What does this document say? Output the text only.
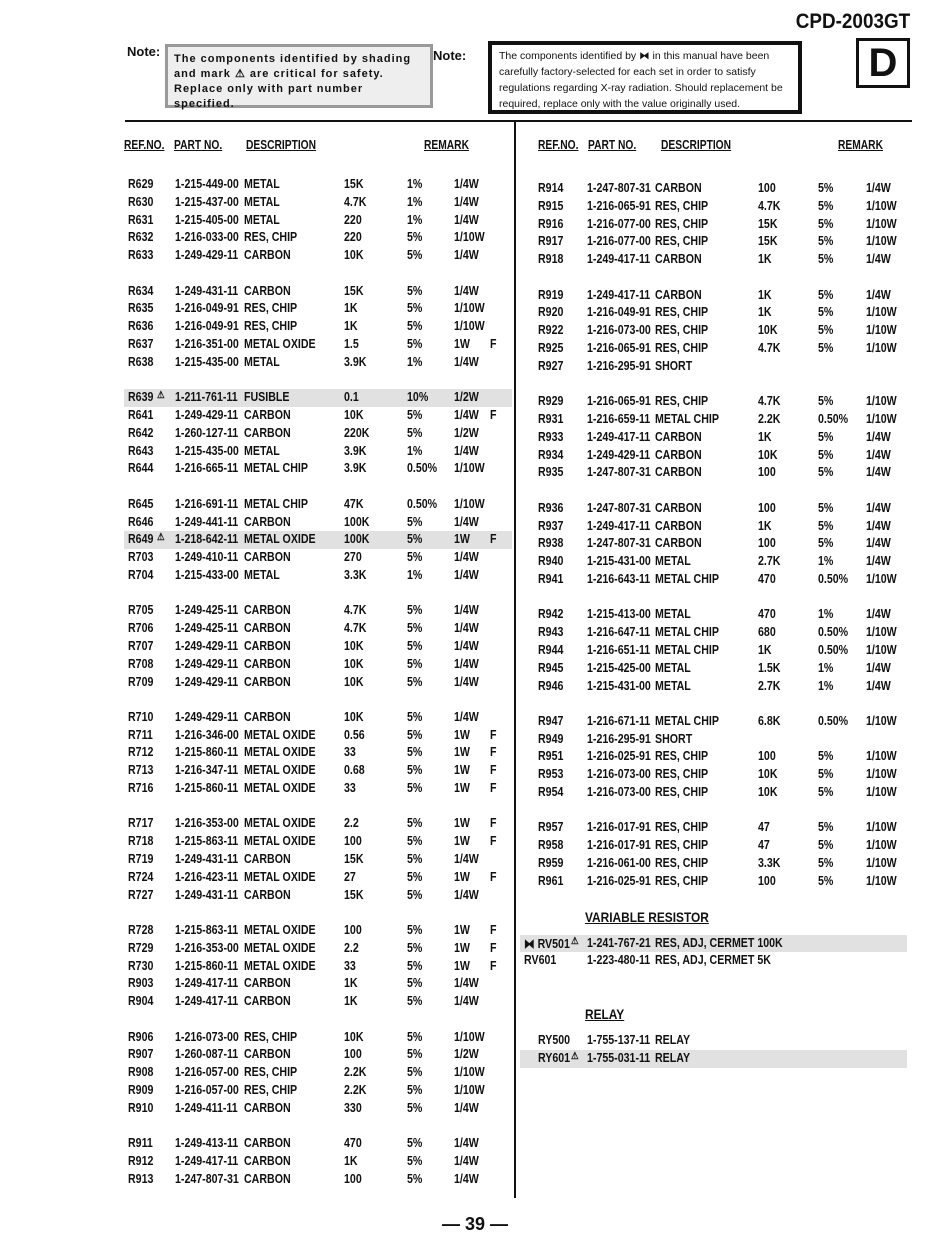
CPD-2003GT
D
Note:	The components identified by shading and mark ⚠ are critical for safety. Replace only with part number specified.
Note:	The components identified by ⧓ in this manual have been carefully factory-selected for each set in order to satisfy regulations regarding X-ray radiation. Should replacement be required, replace only with the value originally used.
REF.NO. PART NO. DESCRIPTION	REMARK
R629 1-215-449-00 METAL	15K	1%	1/4W
R630 1-215-437-00 METAL	4.7K	1%	1/4W
R631 1-215-405-00 METAL	220	1%	1/4W
R632 1-216-033-00 RES, CHIP	220	5%	1/10W
R633 1-249-429-11 CARBON	10K	5%	1/4W
R634 1-249-431-11 CARBON	15K	5%	1/4W
R635 1-216-049-91 RES, CHIP	1K	5%	1/10W
R636 1-216-049-91 RES, CHIP	1K	5%	1/10W
R637 1-216-351-00 METAL OXIDE 1.5	5%	1W F
R638 1-215-435-00 METAL	3.9K	1%	1/4W
R639 ⚠ 1-211-761-11 FUSIBLE	0.1	10% 1/2W
R641 1-249-429-11 CARBON	10K	5%	1/4W F
R642 1-260-127-11 CARBON	220K	5%	1/2W
R643 1-215-435-00 METAL	3.9K	1%	1/4W
R644 1-216-665-11 METAL CHIP	3.9K	0.50% 1/10W
R645 1-216-691-11 METAL CHIP	47K	0.50% 1/10W
R646 1-249-441-11 CARBON	100K	5%	1/4W
R649 ⚠ 1-218-642-11 METAL OXIDE 100K	5%	1W F
R703 1-249-410-11 CARBON	270	5%	1/4W
R704 1-215-433-00 METAL	3.3K	1%	1/4W
R705 1-249-425-11 CARBON	4.7K	5%	1/4W
R706 1-249-425-11 CARBON	4.7K	5%	1/4W
R707 1-249-429-11 CARBON	10K	5%	1/4W
R708 1-249-429-11 CARBON	10K	5%	1/4W
R709 1-249-429-11 CARBON	10K	5%	1/4W
R710 1-249-429-11 CARBON	10K	5%	1/4W
R711 1-216-346-00 METAL OXIDE 0.56	5%	1W F
R712 1-215-860-11 METAL OXIDE 33	5%	1W F
R713 1-216-347-11 METAL OXIDE 0.68	5%	1W F
R716 1-215-860-11 METAL OXIDE 33	5%	1W F
R717 1-216-353-00 METAL OXIDE 2.2	5%	1W F
R718 1-215-863-11 METAL OXIDE 100	5%	1W F
R719 1-249-431-11 CARBON	15K	5%	1/4W
R724 1-216-423-11 METAL OXIDE 27	5%	1W F
R727 1-249-431-11 CARBON	15K	5%	1/4W
R728 1-215-863-11 METAL OXIDE 100	5%	1W F
R729 1-216-353-00 METAL OXIDE 2.2	5%	1W F
R730 1-215-860-11 METAL OXIDE 33	5%	1W F
R903 1-249-417-11 CARBON	1K	5%	1/4W
R904 1-249-417-11 CARBON	1K	5%	1/4W
R906 1-216-073-00 RES, CHIP	10K	5%	1/10W
R907 1-260-087-11 CARBON	100	5%	1/2W
R908 1-216-057-00 RES, CHIP	2.2K	5%	1/10W
R909 1-216-057-00 RES, CHIP	2.2K	5%	1/10W
R910 1-249-411-11 CARBON	330	5%	1/4W
R911 1-249-413-11 CARBON	470	5%	1/4W
R912 1-249-417-11 CARBON	1K	5%	1/4W
R913 1-247-807-31 CARBON	100	5%	1/4W
REF.NO. PART NO. DESCRIPTION	REMARK
R914 1-247-807-31 CARBON	100	5%	1/4W
R915 1-216-065-91 RES, CHIP	4.7K	5%	1/10W
R916 1-216-077-00 RES, CHIP	15K	5%	1/10W
R917 1-216-077-00 RES, CHIP	15K	5%	1/10W
R918 1-249-417-11 CARBON	1K	5%	1/4W
R919 1-249-417-11 CARBON	1K	5%	1/4W
R920 1-216-049-91 RES, CHIP	1K	5%	1/10W
R922 1-216-073-00 RES, CHIP	10K	5%	1/10W
R925 1-216-065-91 RES, CHIP	4.7K	5%	1/10W
R927 1-216-295-91 SHORT
R929 1-216-065-91 RES, CHIP	4.7K	5%	1/10W
R931 1-216-659-11 METAL CHIP	2.2K	0.50% 1/10W
R933 1-249-417-11 CARBON	1K	5%	1/4W
R934 1-249-429-11 CARBON	10K	5%	1/4W
R935 1-247-807-31 CARBON	100	5%	1/4W
R936 1-247-807-31 CARBON	100	5%	1/4W
R937 1-249-417-11 CARBON	1K	5%	1/4W
R938 1-247-807-31 CARBON	100	5%	1/4W
R940 1-215-431-00 METAL	2.7K	1%	1/4W
R941 1-216-643-11 METAL CHIP	470	0.50% 1/10W
R942 1-215-413-00 METAL	470	1%	1/4W
R943 1-216-647-11 METAL CHIP	680	0.50% 1/10W
R944 1-216-651-11 METAL CHIP	1K	0.50% 1/10W
R945 1-215-425-00 METAL	1.5K	1%	1/4W
R946 1-215-431-00 METAL	2.7K	1%	1/4W
R947 1-216-671-11 METAL CHIP	6.8K	0.50% 1/10W
R949 1-216-295-91 SHORT
R951 1-216-025-91 RES, CHIP	100	5%	1/10W
R953 1-216-073-00 RES, CHIP	10K	5%	1/10W
R954 1-216-073-00 RES, CHIP	10K	5%	1/10W
R957 1-216-017-91 RES, CHIP	47	5%	1/10W
R958 1-216-017-91 RES, CHIP	47	5%	1/10W
R959 1-216-061-00 RES, CHIP	3.3K	5%	1/10W
R961 1-216-025-91 RES, CHIP	100	5%	1/10W
VARIABLE RESISTOR
⧓ RV501 ⚠ 1-241-767-21 RES, ADJ, CERMET 100K
RV601 1-223-480-11 RES, ADJ, CERMET 5K
RELAY
RY500 1-755-137-11 RELAY
RY601 ⚠ 1-755-031-11 RELAY
— 39 —
